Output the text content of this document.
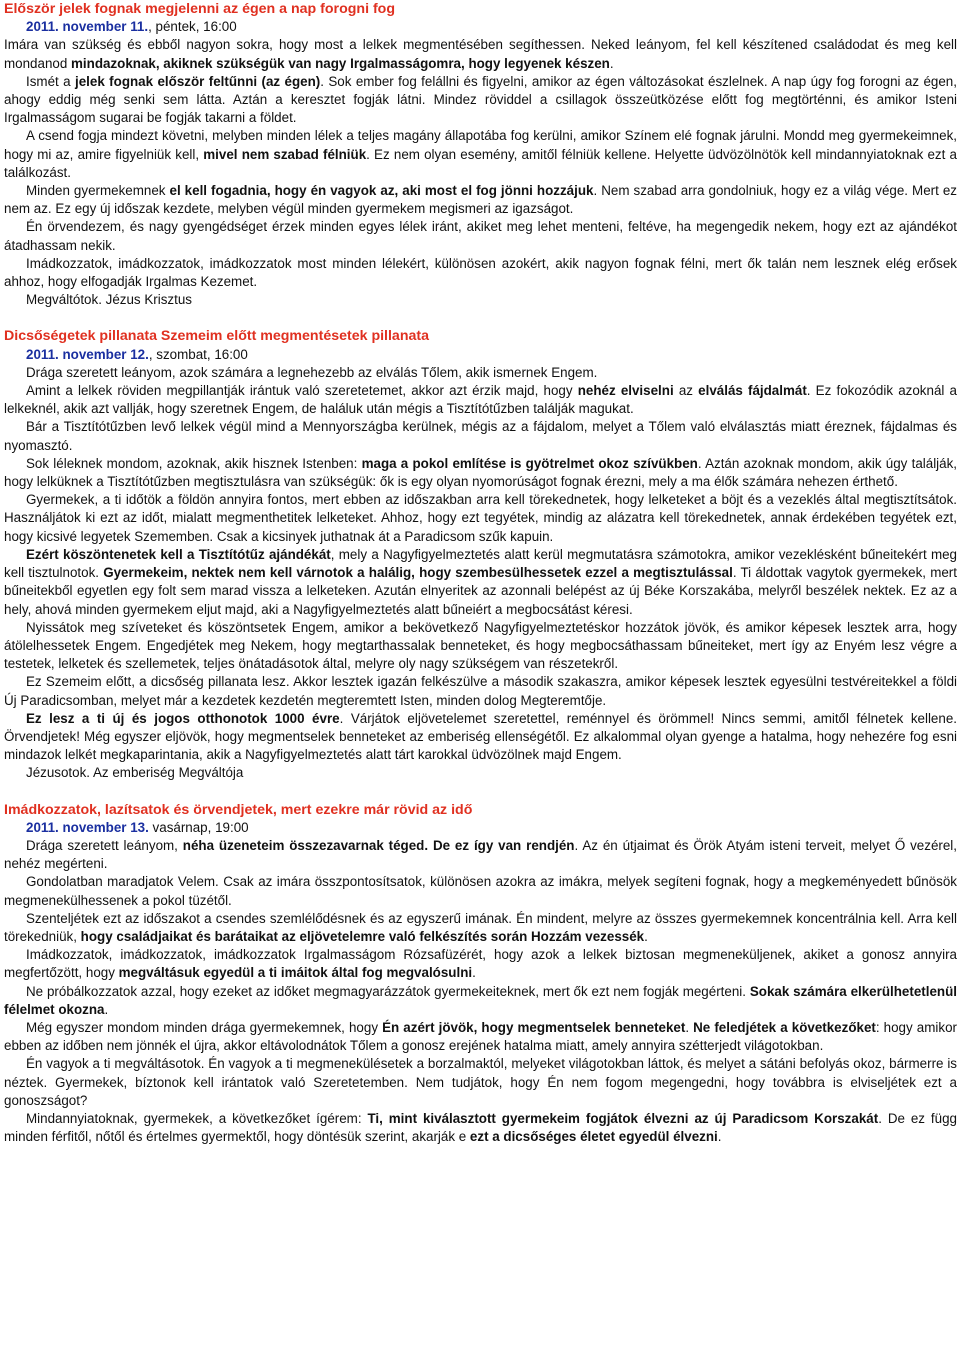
Először jelek fognak megjelenni az égen a nap forogni fog
2011. november 11., péntek, 16:00

Imára van szükség és ebből nagyon sokra, hogy most a lelkek megmentésében segíthessen. Neked leányom, fel kell készítened családodat és meg kell mondanod mindazoknak, akiknek szükségük van nagy Irgalmasságomra, hogy legyenek készen.

Ismét a jelek fognak először feltűnni (az égen). Sok ember fog felállni és figyelni, amikor az égen változásokat észlelnek. A nap úgy fog forogni az égen, ahogy eddig még senki sem látta. Aztán a keresztet fogják látni. Mindez röviddel a csillagok összeütközése előtt fog megtörténni, és amikor Isteni Irgalmasságom sugarai be fogják takarni a földet.

A csend fogja mindezt követni, melyben minden lélek a teljes magány állapotába fog kerülni, amikor Színem elé fognak járulni. Mondd meg gyermekeimnek, hogy mi az, amire figyelniük kell, mivel nem szabad félniük. Ez nem olyan esemény, amitől félniük kellene. Helyette üdvözölnötök kell mindannyiatoknak ezt a találkozást.

Minden gyermekemnek el kell fogadnia, hogy én vagyok az, aki most el fog jönni hozzájuk. Nem szabad arra gondolniuk, hogy ez a világ vége. Mert ez nem az. Ez egy új időszak kezdete, melyben végül minden gyermekem megismeri az igazságot.

Én örvendezem, és nagy gyengédséget érzek minden egyes lélek iránt, akiket meg lehet menteni, feltéve, ha megengedik nekem, hogy ezt az ajándékot átadhassam nekik.

Imádkozzatok, imádkozzatok, imádkozzatok most minden lélekért, különösen azokért, akik nagyon fognak félni, mert ők talán nem lesznek elég erősek ahhoz, hogy elfogadják Irgalmas Kezemet.

Megváltótok. Jézus Krisztus
Dicsőségetek pillanata Szemeim előtt megmentésetek pillanata
2011. november 12., szombat, 16:00

Drága szeretett leányom, azok számára a legnehezebb az elválás Tőlem, akik ismernek Engem.

Amint a lelkek röviden megpillantják irántuk való szeretetemet, akkor azt érzik majd, hogy nehéz elviselni az elválás fájdalmát. Ez fokozódik azoknál a lelkeknél, akik azt vallják, hogy szeretnek Engem, de haláluk után mégis a Tisztítótűzben találják magukat.

Bár a Tisztítótűzben levő lelkek végül mind a Mennyországba kerülnek, mégis az a fájdalom, melyet a Tőlem való elválasztás miatt éreznek, fájdalmas és nyomasztó.

Sok léleknek mondom, azoknak, akik hisznek Istenben: maga a pokol említése is gyötrelmet okoz szívükben. Aztán azoknak mondom, akik úgy találják, hogy lelküknek a Tisztítótűzben megtisztulásra van szükségük: ők is egy olyan nyomorúságot fognak érezni, mely a ma élők számára nehezen érthető.

Gyermekek, a ti időtök a földön annyira fontos, mert ebben az időszakban arra kell törekednetek, hogy lelketeket a böjt és a vezeklés által megtisztítsátok. Használjátok ki ezt az időt, mialatt megmenthetitek lelketeket. Ahhoz, hogy ezt tegyétek, mindig az alázatra kell törekednetek, annak érdekében tegyétek ezt, hogy kicsivé legyetek Szememben. Csak a kicsinyek juthatnak át a Paradicsom szűk kapuin.

Ezért köszöntenetek kell a Tisztítótűz ajándékát, mely a Nagyfigyelmeztetés alatt kerül megmutatásra számotokra, amikor vezeklésként bűneitekért meg kell tisztulnotok. Gyermekeim, nektek nem kell várnotok a halálig, hogy szembesülhessetek ezzel a megtisztulással. Ti áldottak vagytok gyermekek, mert bűneitekből egyetlen egy folt sem marad vissza a lelketeken. Azután elnyeritek az azonnali belépést az új Béke Korszakába, melyről beszélek nektek. Ez az a hely, ahová minden gyermekem eljut majd, aki a Nagyfigyelmeztetés alatt bűneiért a megbocsátást kéresi.

Nyissátok meg szíveteket és köszöntsetek Engem, amikor a bekövetkező Nagyfigyelmeztetéskor hozzátok jövök, és amikor képesek lesztek arra, hogy átölelhessetek Engem. Engedjétek meg Nekem, hogy megtarthassalak benneteket, és hogy megbocsáthassam bűneiteket, mert így az Enyém lesz végre a testetek, lelketek és szellemetek, teljes önátadásotok által, melyre oly nagy szükségem van részetekről.

Ez Szemeim előtt, a dicsőség pillanata lesz. Akkor lesztek igazán felkészülve a második szakaszra, amikor képesek lesztek egyesülni testvéreitekkel a földi Új Paradicsomban, melyet már a kezdetek kezdetén megteremtett Isten, minden dolog Megteremtője.

Ez lesz a ti új és jogos otthonotok 1000 évre. Várjátok eljövetelemet szeretettel, reménnyel és örömmel! Nincs semmi, amitől félnetek kellene. Örvendjetek! Még egyszer eljövök, hogy megmentselek benneteket az emberiség ellenségétől. Ez alkalommal olyan gyenge a hatalma, hogy nehezére fog esni mindazok lelkét megkaparintania, akik a Nagyfigyelmeztetés alatt tárt karokkal üdvözölnek majd Engem.

Jézusotok. Az emberiség Megváltója
Imádkozzatok, lazítsatok és örvendjetek, mert ezekre már rövid az idő
2011. november 13. vasárnap, 19:00

Drága szeretett leányom, néha üzeneteim összezavarnak téged. De ez így van rendjén. Az én útjaimat és Örök Atyám isteni terveit, melyet Ő vezérel, nehéz megérteni.

Gondolatban maradjatok Velem. Csak az imára összpontosítsatok, különösen azokra az imákra, melyek segíteni fognak, hogy a megkeményedett bűnösök megmenekülhessenek a pokol tüzétől.

Szenteljétek ezt az időszakot a csendes szemlélődésnek és az egyszerű imának. Én mindent, melyre az összes gyermekemnek koncentrálnia kell. Arra kell törekedniük, hogy családjaikat és barátaikat az eljövetelemre való felkészítés során Hozzám vezessék.

Imádkozzatok, imádkozzatok, imádkozzatok Irgalmasságom Rózsafüzérét, hogy azok a lelkek biztosan megmeneküljenek, akiket a gonosz annyira megfertőzött, hogy megváltásuk egyedül a ti imáitok által fog megvalósulni.

Ne próbálkozzatok azzal, hogy ezeket az időket megmagyarázzátok gyermekeiteknek, mert ők ezt nem fogják megérteni. Sokak számára elkerülhetetlenül félelmet okozna.

Még egyszer mondom minden drága gyermekemnek, hogy Én azért jövök, hogy megmentselek benneteket. Ne feledjétek a következőket: hogy amikor ebben az időben nem jönnék el újra, akkor eltávolodnátok Tőlem a gonosz erejének hatalma miatt, amely annyira szétterjedt világotokban.

Én vagyok a ti megváltásotok. Én vagyok a ti megmenekülésetek a borzalmaktól, melyeket világotokban láttok, és melyet a sátáni befolyás okoz, bármerre is néztek. Gyermekek, bíztonok kell irántatok való Szeretetemben. Nem tudjátok, hogy Én nem fogom megengedni, hogy továbbra is elviseljétek ezt a gonoszságot?

Mindannyiatoknak, gyermekek, a következőket ígérem: Ti, mint kiválasztott gyermekeim fogjátok élvezni az új Paradicsom Korszakát. De ez függ minden férfitől, nőtől és értelmes gyermektől, hogy döntésük szerint, akarják e ezt a dicsőséges életet egyedül élvezni.
